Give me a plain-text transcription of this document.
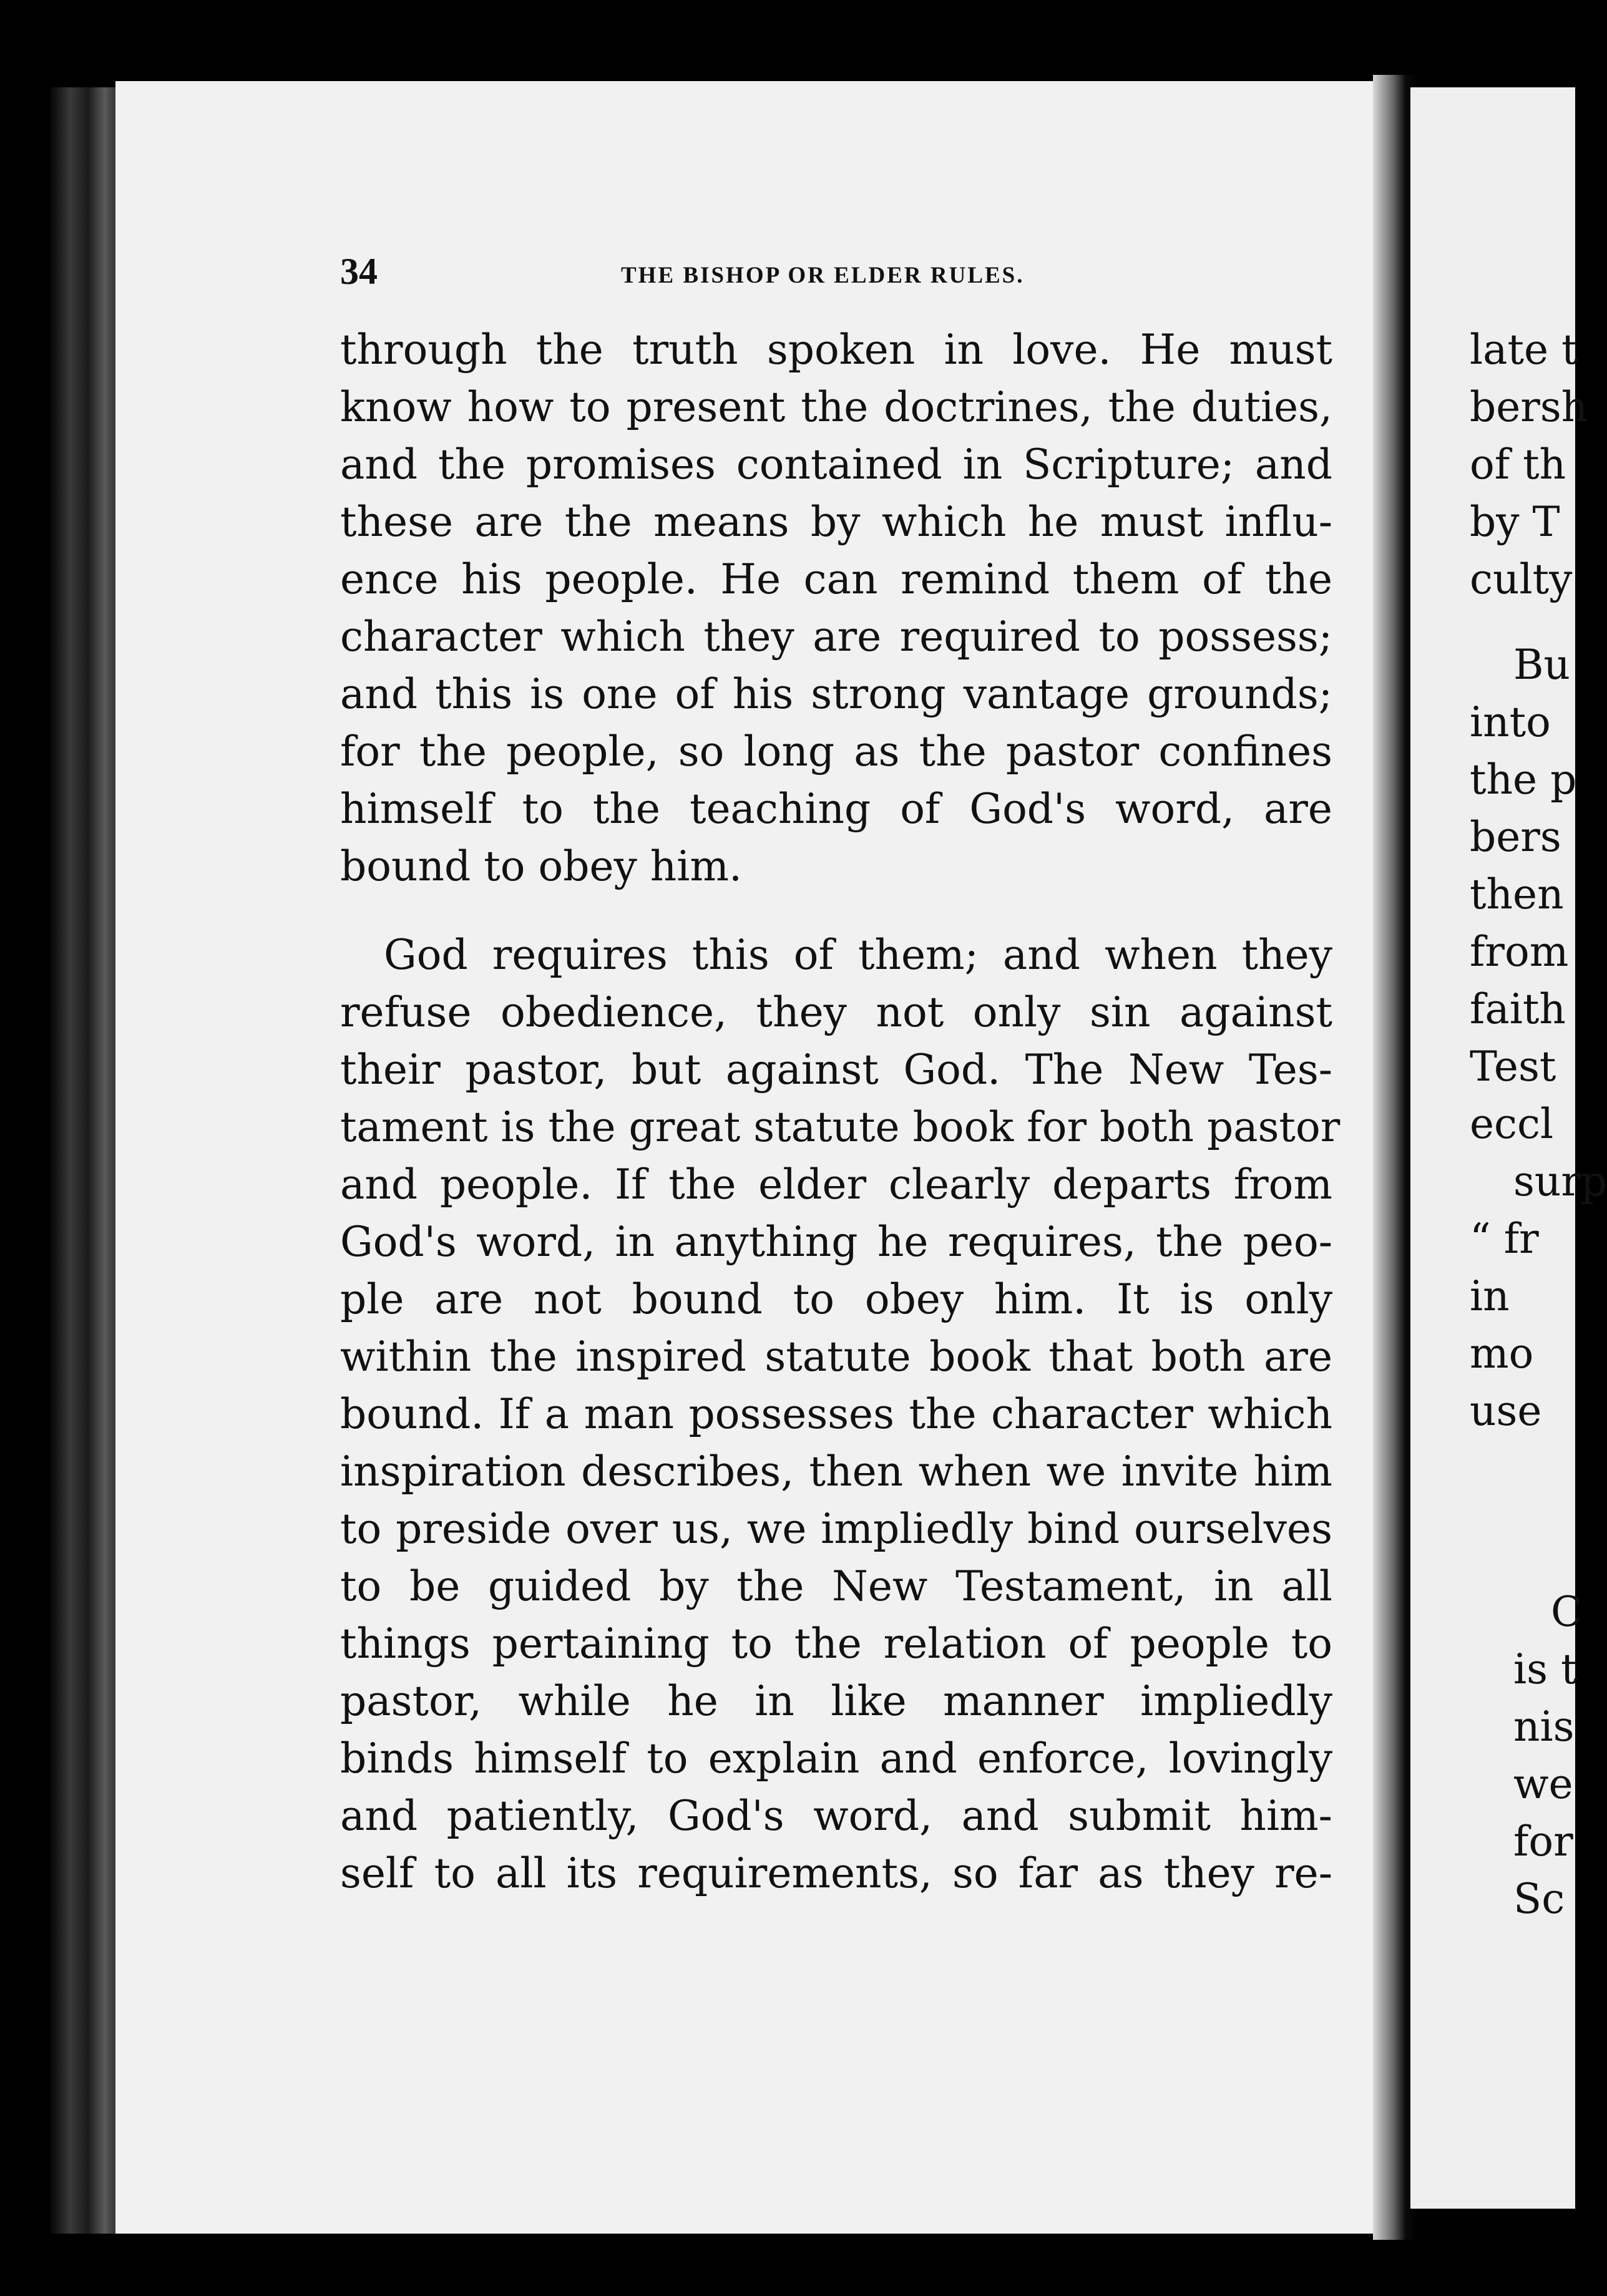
34	THE BISHOP OR ELDER RULES.
through the truth spoken in love. He must
know how to present the doctrines, the duties,
and the promises contained in Scripture; and
these are the means by which he must influ-
ence his people. He can remind them of the
character which they are required to possess;
and this is one of his strong vantage grounds;
for the people, so long as the pastor confines
himself to the teaching of God's word, are
bound to obey him.
God requires this of them; and when they
refuse obedience, they not only sin against
their pastor, but against God. The New Tes-
tament is the great statute book for both pastor
and people. If the elder clearly departs from
God's word, in anything he requires, the peo-
ple are not bound to obey him. It is only
within the inspired statute book that both are
bound. If a man possesses the character which
inspiration describes, then when we invite him
to preside over us, we impliedly bind ourselves
to be guided by the New Testament, in all
things pertaining to the relation of people to
pastor, while he in like manner impliedly
binds himself to explain and enforce, lovingly
and patiently, God's word, and submit him-
self to all its requirements, so far as they re-
late t
bersh
of th
by T
culty
Bu
into
the p
bers
then
from
faith
Test
eccl
surp
“ fr
in
mo
use
C
is t
nis
we
for
Sc
